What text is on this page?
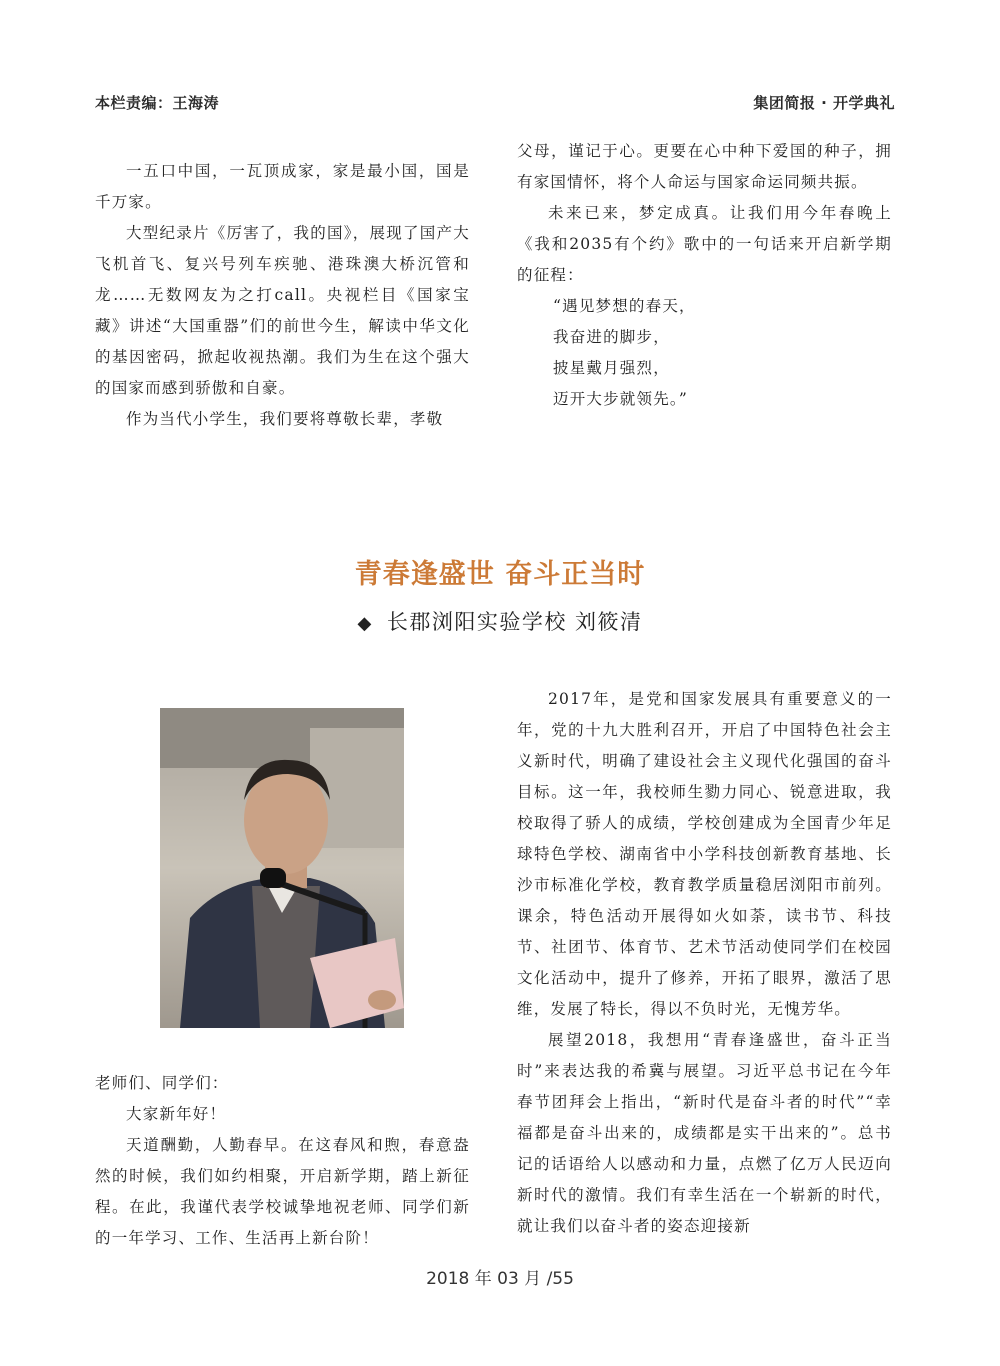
本栏责编：王海涛	集团简报 · 开学典礼

一五口中国，一瓦顶成家，家是最小国，国是千万家。

大型纪录片《厉害了，我的国》，展现了国产大飞机首飞、复兴号列车疾驰、港珠澳大桥沉管和龙……无数网友为之打call。央视栏目《国家宝藏》讲述“大国重器”们的前世今生，解读中华文化的基因密码，掀起收视热潮。我们为生在这个强大的国家而感到骄傲和自豪。

作为当代小学生，我们要将尊敬长辈，孝敬

父母，谨记于心。更要在心中种下爱国的种子，拥有家国情怀，将个人命运与国家命运同频共振。

未来已来，梦定成真。让我们用今年春晚上《我和2035有个约》歌中的一句话来开启新学期的征程：

“遇见梦想的春天，

我奋进的脚步，

披星戴月强烈，

迈开大步就领先。”

青春逢盛世 奋斗正当时
◆ 长郡浏阳实验学校 刘筱清

老师们、同学们：

大家新年好！

天道酬勤，人勤春早。在这春风和煦，春意盎然的时候，我们如约相聚，开启新学期，踏上新征程。在此，我谨代表学校诚挚地祝老师、同学们新的一年学习、工作、生活再上新台阶！

2017年，是党和国家发展具有重要意义的一年，党的十九大胜利召开，开启了中国特色社会主义新时代，明确了建设社会主义现代化强国的奋斗目标。这一年，我校师生勠力同心、锐意进取，我校取得了骄人的成绩，学校创建成为全国青少年足球特色学校、湖南省中小学科技创新教育基地、长沙市标准化学校，教育教学质量稳居浏阳市前列。课余，特色活动开展得如火如荼，读书节、科技节、社团节、体育节、艺术节活动使同学们在校园文化活动中，提升了修养，开拓了眼界，激活了思维，发展了特长，得以不负时光，无愧芳华。

展望2018，我想用“青春逢盛世，奋斗正当时”来表达我的希冀与展望。习近平总书记在今年春节团拜会上指出，“新时代是奋斗者的时代”“幸福都是奋斗出来的，成绩都是实干出来的”。总书记的话语给人以感动和力量，点燃了亿万人民迈向新时代的激情。我们有幸生活在一个崭新的时代，就让我们以奋斗者的姿态迎接新

2018 年 03 月 /55
